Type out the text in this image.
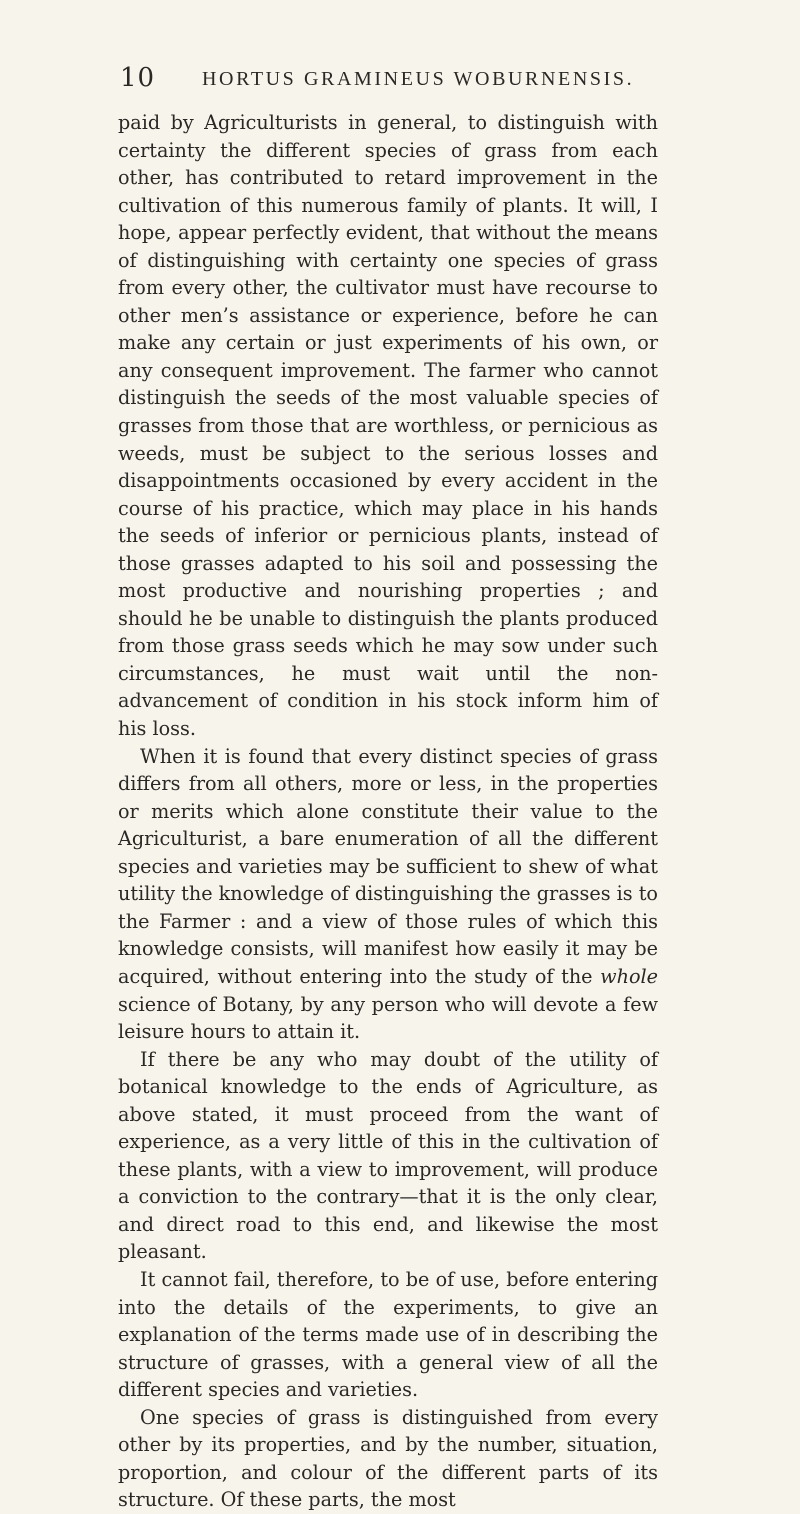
10 HORTUS GRAMINEUS WOBURNENSIS.

paid by Agriculturists in general, to distinguish with certainty the different species of grass from each other, has contributed to retard improvement in the cultivation of this numerous family of plants. It will, I hope, appear perfectly evident, that without the means of distinguishing with certainty one species of grass from every other, the cultivator must have recourse to other men’s assistance or experience, before he can make any certain or just experiments of his own, or any consequent improvement. The farmer who cannot distinguish the seeds of the most valuable species of grasses from those that are worthless, or pernicious as weeds, must be subject to the serious losses and disappointments occasioned by every accident in the course of his practice, which may place in his hands the seeds of inferior or pernicious plants, instead of those grasses adapted to his soil and possessing the most productive and nourishing properties ; and should he be unable to distinguish the plants produced from those grass seeds which he may sow under such circumstances, he must wait until the non-advancement of condition in his stock inform him of his loss.

When it is found that every distinct species of grass differs from all others, more or less, in the properties or merits which alone constitute their value to the Agriculturist, a bare enumeration of all the different species and varieties may be sufficient to shew of what utility the knowledge of distinguishing the grasses is to the Farmer : and a view of those rules of which this knowledge consists, will manifest how easily it may be acquired, without entering into the study of the whole science of Botany, by any person who will devote a few leisure hours to attain it.

If there be any who may doubt of the utility of botanical knowledge to the ends of Agriculture, as above stated, it must proceed from the want of experience, as a very little of this in the cultivation of these plants, with a view to improvement, will produce a conviction to the contrary—that it is the only clear, and direct road to this end, and likewise the most pleasant.

It cannot fail, therefore, to be of use, before entering into the details of the experiments, to give an explanation of the terms made use of in describing the structure of grasses, with a general view of all the different species and varieties.

One species of grass is distinguished from every other by its properties, and by the number, situation, proportion, and colour of the different parts of its structure. Of these parts, the most
